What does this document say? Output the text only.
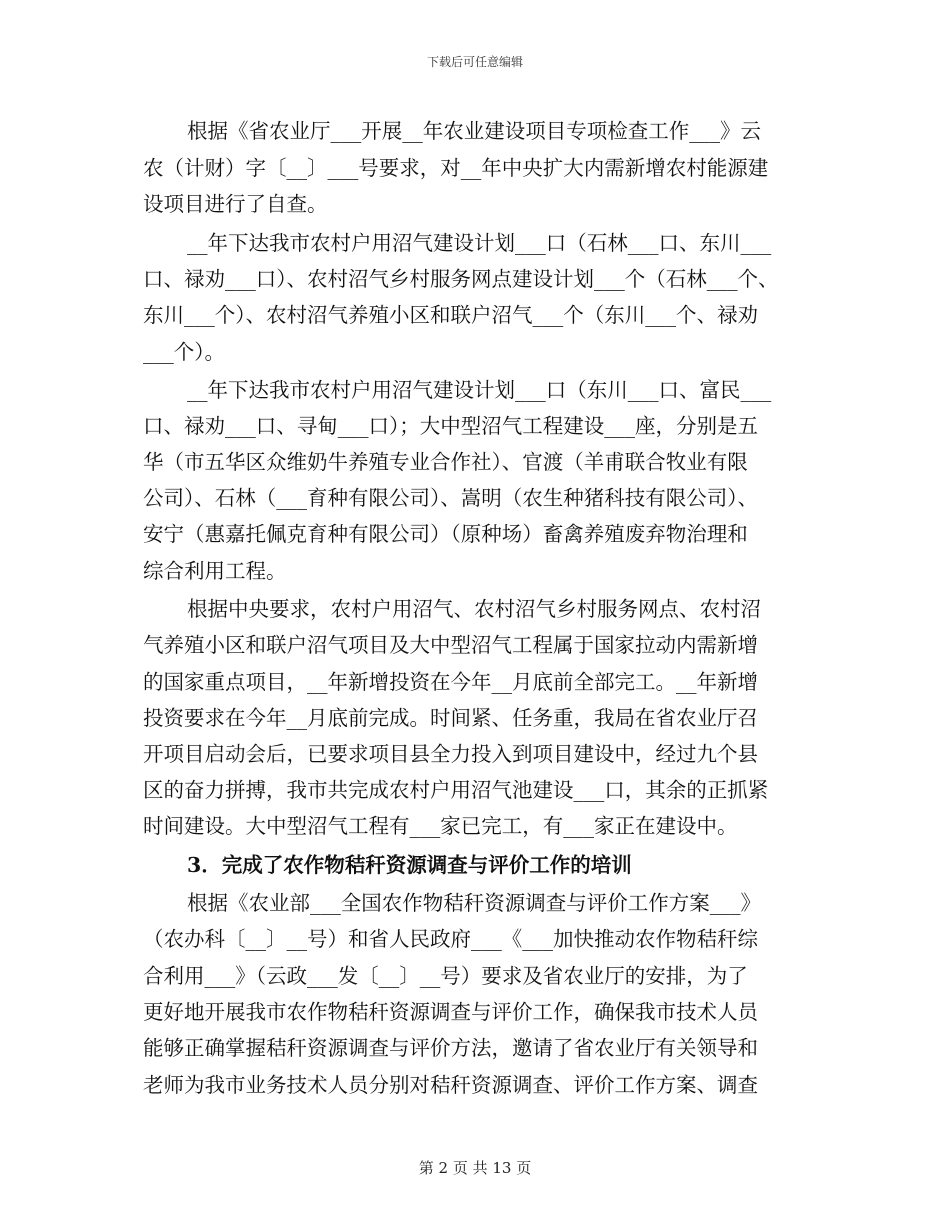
下载后可任意编辑
根据《省农业厅___开展__年农业建设项目专项检查工作___》云
农（计财）字〔__〕___号要求，对__年中央扩大内需新增农村能源建
设项目进行了自查。
__年下达我市农村户用沼气建设计划___口（石林___口、东川___
口、禄劝___口）、农村沼气乡村服务网点建设计划___个（石林___个、
东川___个）、农村沼气养殖小区和联户沼气___个（东川___个、禄劝
___个）。
__年下达我市农村户用沼气建设计划___口（东川___口、富民___
口、禄劝___口、寻甸___口）；大中型沼气工程建设___座，分别是五
华（市五华区众维奶牛养殖专业合作社）、官渡（羊甫联合牧业有限
公司）、石林（___育种有限公司）、嵩明（农生种猪科技有限公司）、
安宁（惠嘉托佩克育种有限公司）（原种场）畜禽养殖废弃物治理和
综合利用工程。
根据中央要求，农村户用沼气、农村沼气乡村服务网点、农村沼
气养殖小区和联户沼气项目及大中型沼气工程属于国家拉动内需新增
的国家重点项目，__年新增投资在今年__月底前全部完工。__年新增
投资要求在今年__月底前完成。时间紧、任务重，我局在省农业厅召
开项目启动会后，已要求项目县全力投入到项目建设中，经过九个县
区的奋力拼搏，我市共完成农村户用沼气池建设___口，其余的正抓紧
时间建设。大中型沼气工程有___家已完工，有___家正在建设中。
3．完成了农作物秸秆资源调查与评价工作的培训
根据《农业部___全国农作物秸秆资源调查与评价工作方案___》
（农办科〔__〕__号）和省人民政府___《___加快推动农作物秸秆综
合利用___》（云政___发〔__〕__号）要求及省农业厅的安排，为了
更好地开展我市农作物秸秆资源调查与评价工作，确保我市技术人员
能够正确掌握秸秆资源调查与评价方法，邀请了省农业厅有关领导和
老师为我市业务技术人员分别对秸秆资源调查、评价工作方案、调查
第 2 页 共 13 页
